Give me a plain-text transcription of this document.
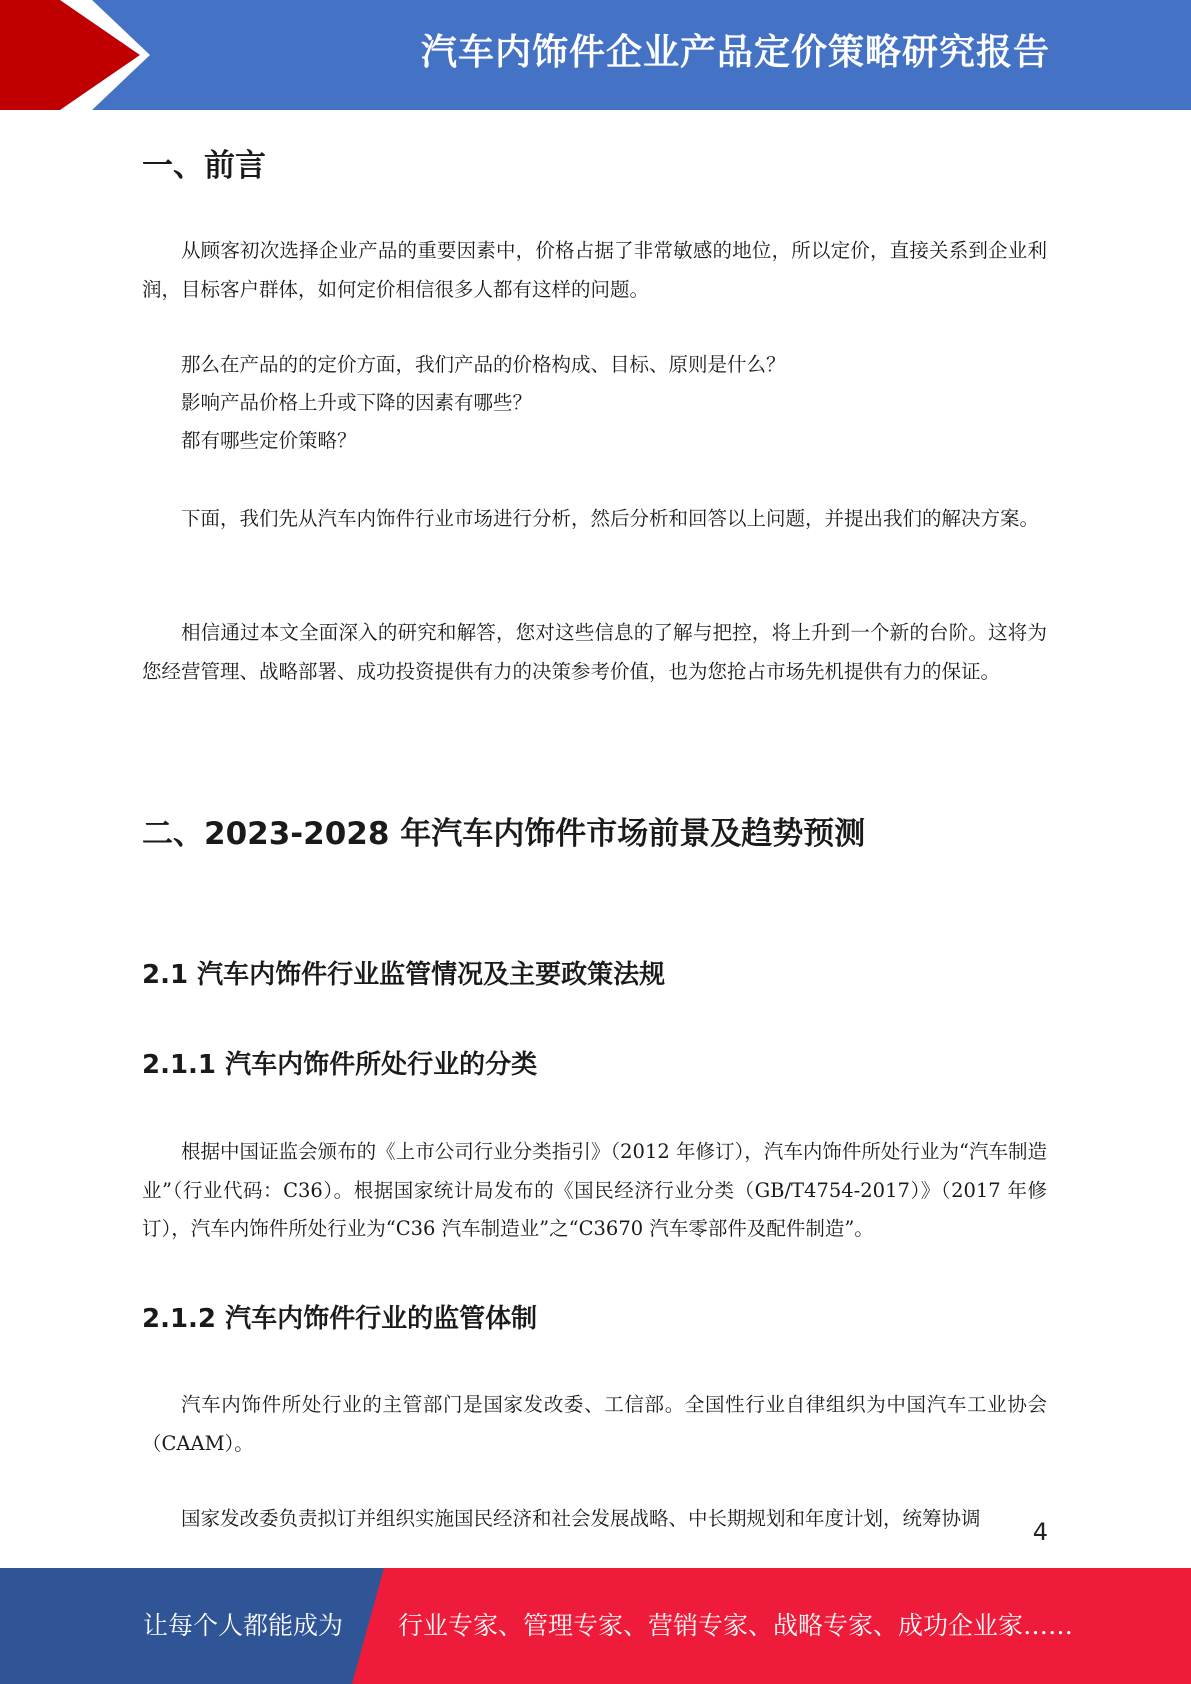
汽车内饰件企业产品定价策略研究报告
一、前言

从顾客初次选择企业产品的重要因素中，价格占据了非常敏感的地位，所以定价，直接关系到企业利润，目标客户群体，如何定价相信很多人都有这样的问题。

那么在产品的的定价方面，我们产品的价格构成、目标、原则是什么？

影响产品价格上升或下降的因素有哪些？

都有哪些定价策略？

下面，我们先从汽车内饰件行业市场进行分析，然后分析和回答以上问题，并提出我们的解决方案。

相信通过本文全面深入的研究和解答，您对这些信息的了解与把控，将上升到一个新的台阶。这将为您经营管理、战略部署、成功投资提供有力的决策参考价值，也为您抢占市场先机提供有力的保证。

二、2023-2028 年汽车内饰件市场前景及趋势预测
2.1 汽车内饰件行业监管情况及主要政策法规
2.1.1 汽车内饰件所处行业的分类

根据中国证监会颁布的《上市公司行业分类指引》（2012 年修订），汽车内饰件所处行业为“汽车制造业”（行业代码：C36）。根据国家统计局发布的《国民经济行业分类（GB/T4754-2017）》（2017 年修订），汽车内饰件所处行业为“C36 汽车制造业”之“C3670 汽车零部件及配件制造”。

2.1.2 汽车内饰件行业的监管体制

汽车内饰件所处行业的主管部门是国家发改委、工信部。全国性行业自律组织为中国汽车工业协会（CAAM）。

国家发改委负责拟订并组织实施国民经济和社会发展战略、中长期规划和年度计划，统筹协调	4
让每个人都能成为 行业专家、管理专家、营销专家、战略专家、成功企业家……
